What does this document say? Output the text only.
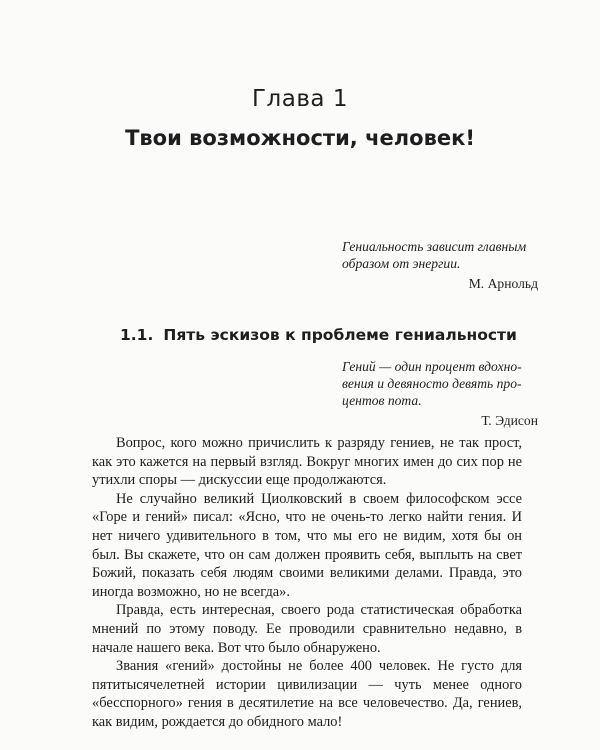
Глава 1
Твои возможности, человек!
Гениальность зависит главным
образом от энергии.
М. Арнольд
1.1. Пять эскизов к проблеме гениальности
Гений — один процент вдохно-
вения и девяносто девять про-
центов пота.
Т. Эдисон

Вопрос, кого можно причислить к разряду гениев, не так прост, как это кажется на первый взгляд. Вокруг многих имен до сих пор не утихли споры — дискуссии еще продолжаются.

Не случайно великий Циолковский в своем философском эссе «Горе и гений» писал: «Ясно, что не очень-то легко найти гения. И нет ничего удивительного в том, что мы его не видим, хотя бы он был. Вы скажете, что он сам должен проявить себя, выплыть на свет Божий, показать себя людям своими великими делами. Правда, это иногда возможно, но не всегда».

Правда, есть интересная, своего рода статистическая обработка мнений по этому поводу. Ее проводили сравнительно недавно, в начале нашего века. Вот что было обнаружено.

Звания «гений» достойны не более 400 человек. Не густо для пятитысячелетней истории цивилизации — чуть менее одного «бесспорного» гения в десятилетие на все человечество. Да, гениев, как видим, рождается до обидного мало!
